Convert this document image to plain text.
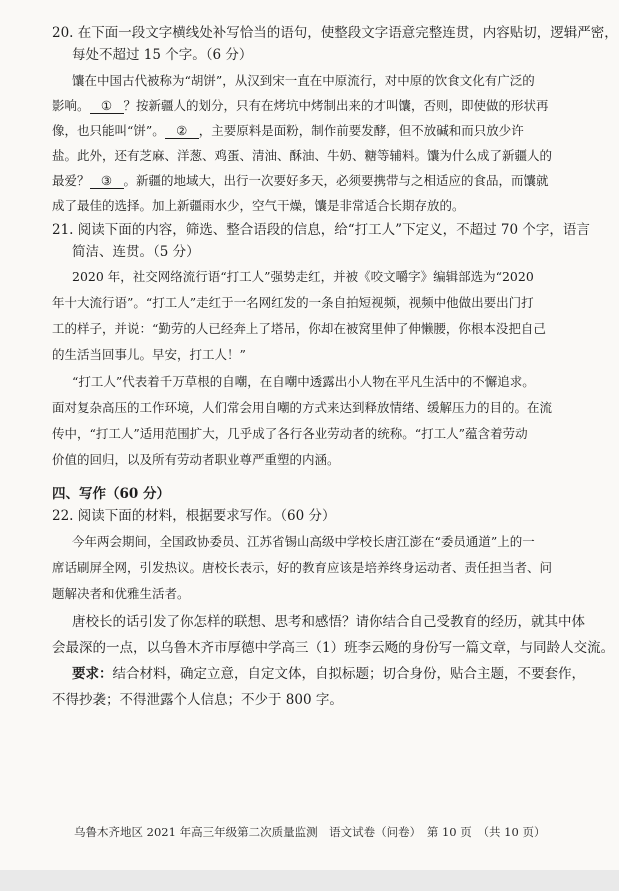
20. 在下面一段文字横线处补写恰当的语句，使整段文字语意完整连贯，内容贴切，逻辑严密，
每处不超过 15 个字。（6 分）
馕在中国古代被称为“胡饼”，从汉到宋一直在中原流行，对中原的饮食文化有广泛的
影响。 ① ？按新疆人的划分，只有在烤坑中烤制出来的才叫馕，否则，即使做的形状再
像，也只能叫“饼”。 ② ，主要原料是面粉，制作前要发酵，但不放碱和而只放少许
盐。此外，还有芝麻、洋葱、鸡蛋、清油、酥油、牛奶、糖等辅料。馕为什么成了新疆人的
最爱？ ③ 。新疆的地域大，出行一次要好多天，必须要携带与之相适应的食品，而馕就
成了最佳的选择。加上新疆雨水少，空气干燥，馕是非常适合长期存放的。
21. 阅读下面的内容，筛选、整合语段的信息，给“打工人”下定义，不超过 70 个字，语言
简洁、连贯。（5 分）
2020 年，社交网络流行语“打工人”强势走红，并被《咬文嚼字》编辑部选为“2020
年十大流行语”。“打工人”走红于一名网红发的一条自拍短视频，视频中他做出要出门打
工的样子，并说：“勤劳的人已经奔上了塔吊，你却在被窝里伸了伸懒腰，你根本没把自己
的生活当回事儿。早安，打工人！”
“打工人”代表着千万草根的自嘲，在自嘲中透露出小人物在平凡生活中的不懈追求。
面对复杂高压的工作环境，人们常会用自嘲的方式来达到释放情绪、缓解压力的目的。在流
传中，“打工人”适用范围扩大，几乎成了各行各业劳动者的统称。“打工人”蕴含着劳动
价值的回归，以及所有劳动者职业尊严重塑的内涵。
四、写作（60 分）
22. 阅读下面的材料，根据要求写作。（60 分）
今年两会期间，全国政协委员、江苏省锡山高级中学校长唐江澎在“委员通道”上的一
席话刷屏全网，引发热议。唐校长表示，好的教育应该是培养终身运动者、责任担当者、问
题解决者和优雅生活者。
唐校长的话引发了你怎样的联想、思考和感悟？请你结合自己受教育的经历，就其中体
会最深的一点，以乌鲁木齐市厚德中学高三（1）班李云飏的身份写一篇文章，与同龄人交流。
要求：结合材料，确定立意，自定文体，自拟标题；切合身份，贴合主题，不要套作，
不得抄袭；不得泄露个人信息；不少于 800 字。
乌鲁木齐地区 2021 年高三年级第二次质量监测　语文试卷（问卷）　第 10 页　（共 10 页）
